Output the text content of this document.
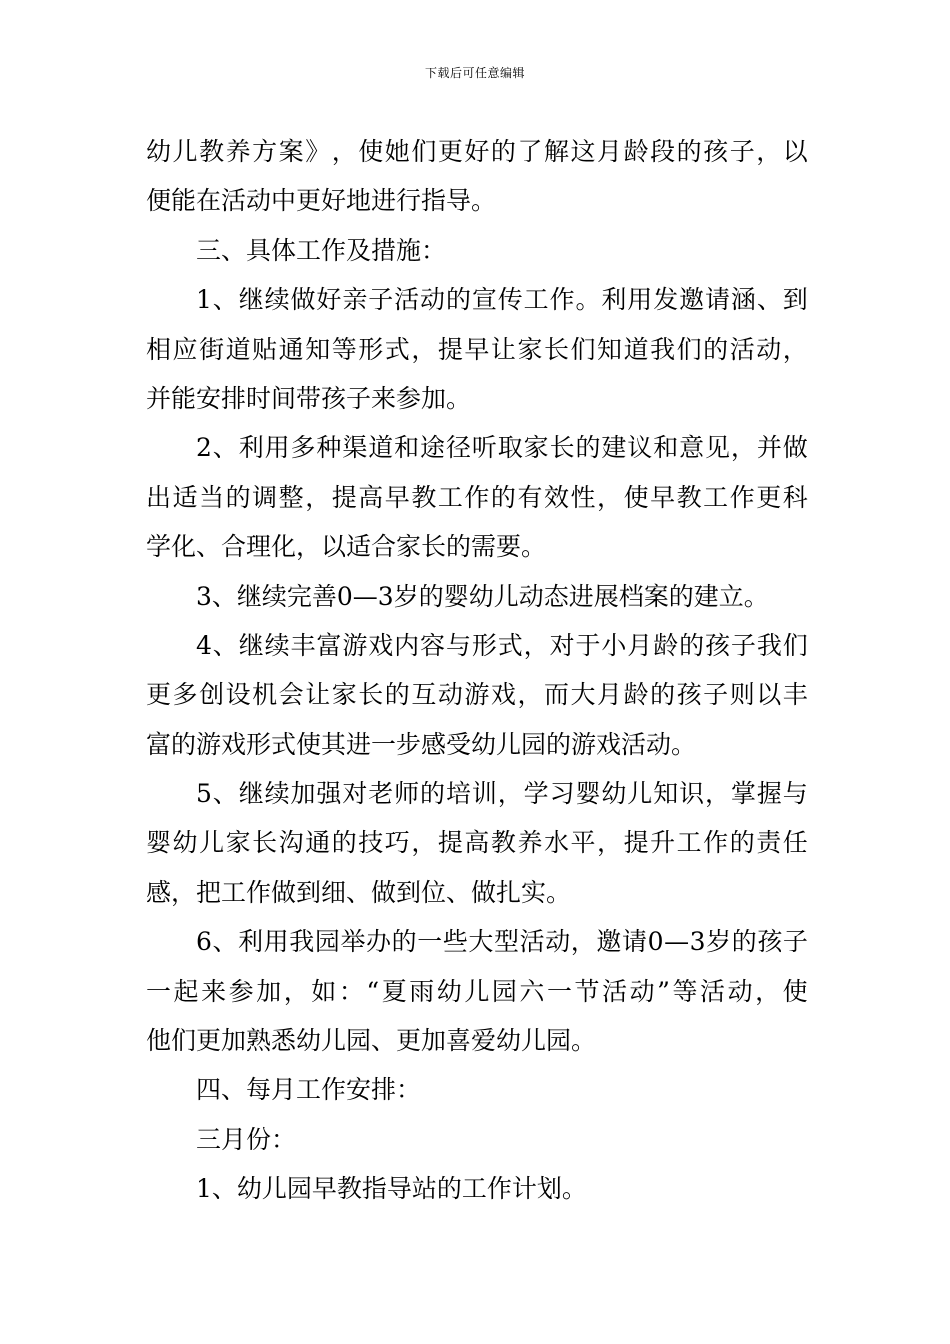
下载后可任意编辑
幼 儿 教 养 方 案 》 ， 使 她 们 更 好 的 了 解 这 月 龄 段 的 孩 子 ， 以
便能在活动中更好地进行指导。
三、具体工作及措施：
1 、 继 续 做 好 亲 子 活 动 的 宣 传 工 作 。 利 用 发 邀 请 涵 、 到
相 应 街 道 贴 通 知 等 形 式 ， 提 早 让 家 长 们 知 道 我 们 的 活 动 ，
并能安排时间带孩子来参加。
2 、 利 用 多 种 渠 道 和 途 径 听 取 家 长 的 建 议 和 意 见 ， 并 做
出 适 当 的 调 整 ， 提 高 早 教 工 作 的 有 效 性 ， 使 早 教 工 作 更 科
学化、合理化，以适合家长的需要。
3、继续完善0—3岁的婴幼儿动态进展档案的建立。
4 、 继 续 丰 富 游 戏 内 容 与 形 式 ， 对 于 小 月 龄 的 孩 子 我 们
更 多 创 设 机 会 让 家 长 的 互 动 游 戏 ， 而 大 月 龄 的 孩 子 则 以 丰
富的游戏形式使其进一步感受幼儿园的游戏活动。
5 、 继 续 加 强 对 老 师 的 培 训 ， 学 习 婴 幼 儿 知 识 ， 掌 握 与
婴 幼 儿 家 长 沟 通 的 技 巧 ， 提 高 教 养 水 平 ， 提 升 工 作 的 责 任
感，把工作做到细、做到位、做扎实。
6 、 利 用 我 园 举 办 的 一 些 大 型 活 动 ， 邀 请 0 — 3 岁 的 孩 子
一 起 来 参 加 ， 如 ： “ 夏 雨 幼 儿 园 六 一 节 活 动 ” 等 活 动 ， 使
他们更加熟悉幼儿园、更加喜爱幼儿园。
四、每月工作安排：
三月份：
1、幼儿园早教指导站的工作计划。
